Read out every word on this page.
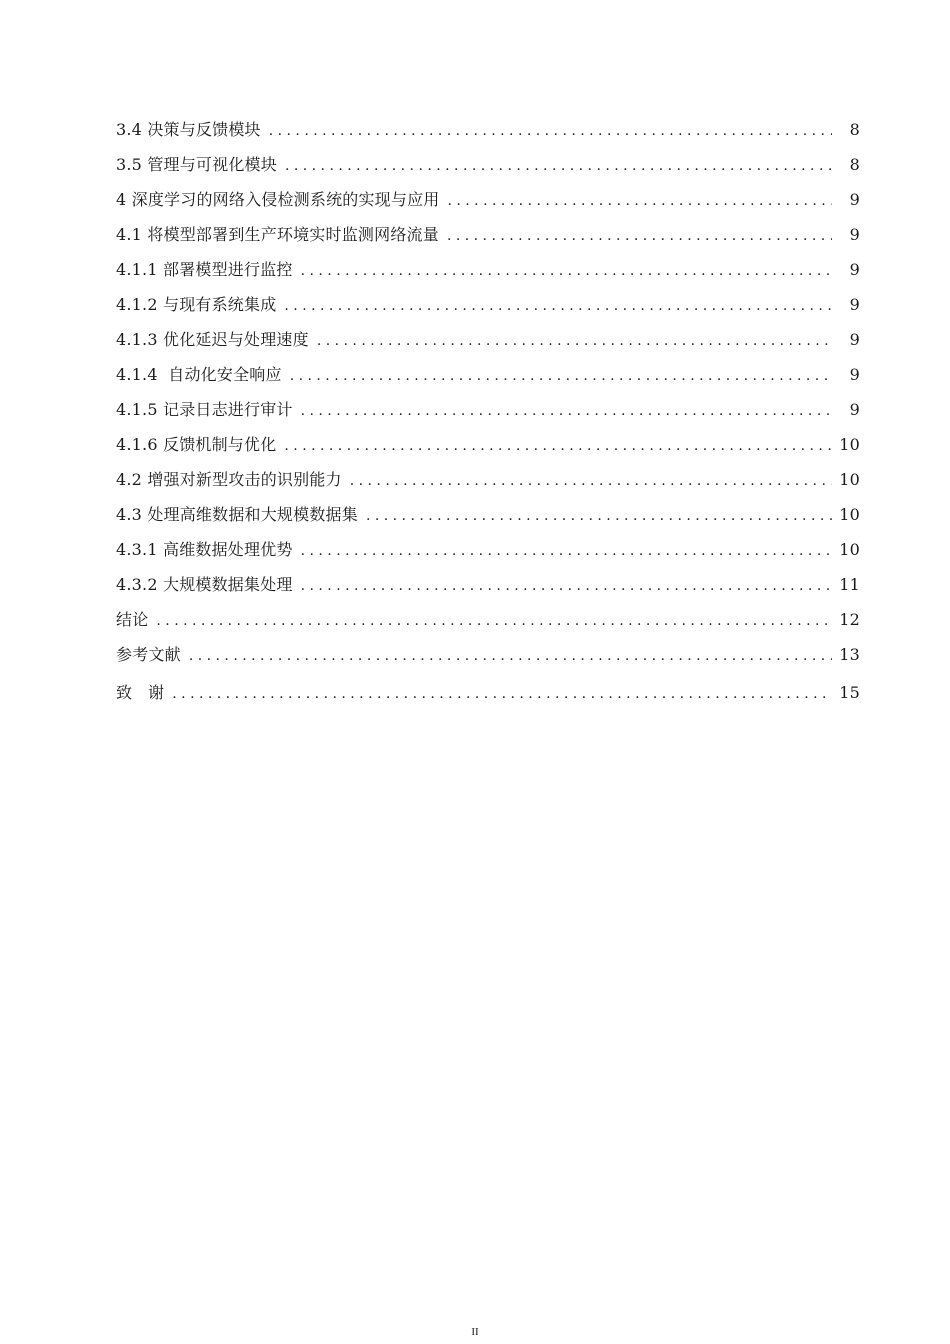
3.4 决策与反馈模块 . . .	8
3.5 管理与可视化模块 . . .	8
4 深度学习的网络入侵检测系统的实现与应用 . . .	9
4.1 将模型部署到生产环境实时监测网络流量 . . .	9
4.1.1 部署模型进行监控 . . .	9
4.1.2 与现有系统集成 . . .	9
4.1.3 优化延迟与处理速度 . . .	9
4.1.4  自动化安全响应 . . .	9
4.1.5 记录日志进行审计 . . .	9
4.1.6 反馈机制与优化 . . .	10
4.2 增强对新型攻击的识别能力 . . .	10
4.3 处理高维数据和大规模数据集 . . .	10
4.3.1 高维数据处理优势 . . .	10
4.3.2 大规模数据集处理 . . .	11
结论 . . .	12
参考文献 . . .	13
致   谢 . . .	15
II
